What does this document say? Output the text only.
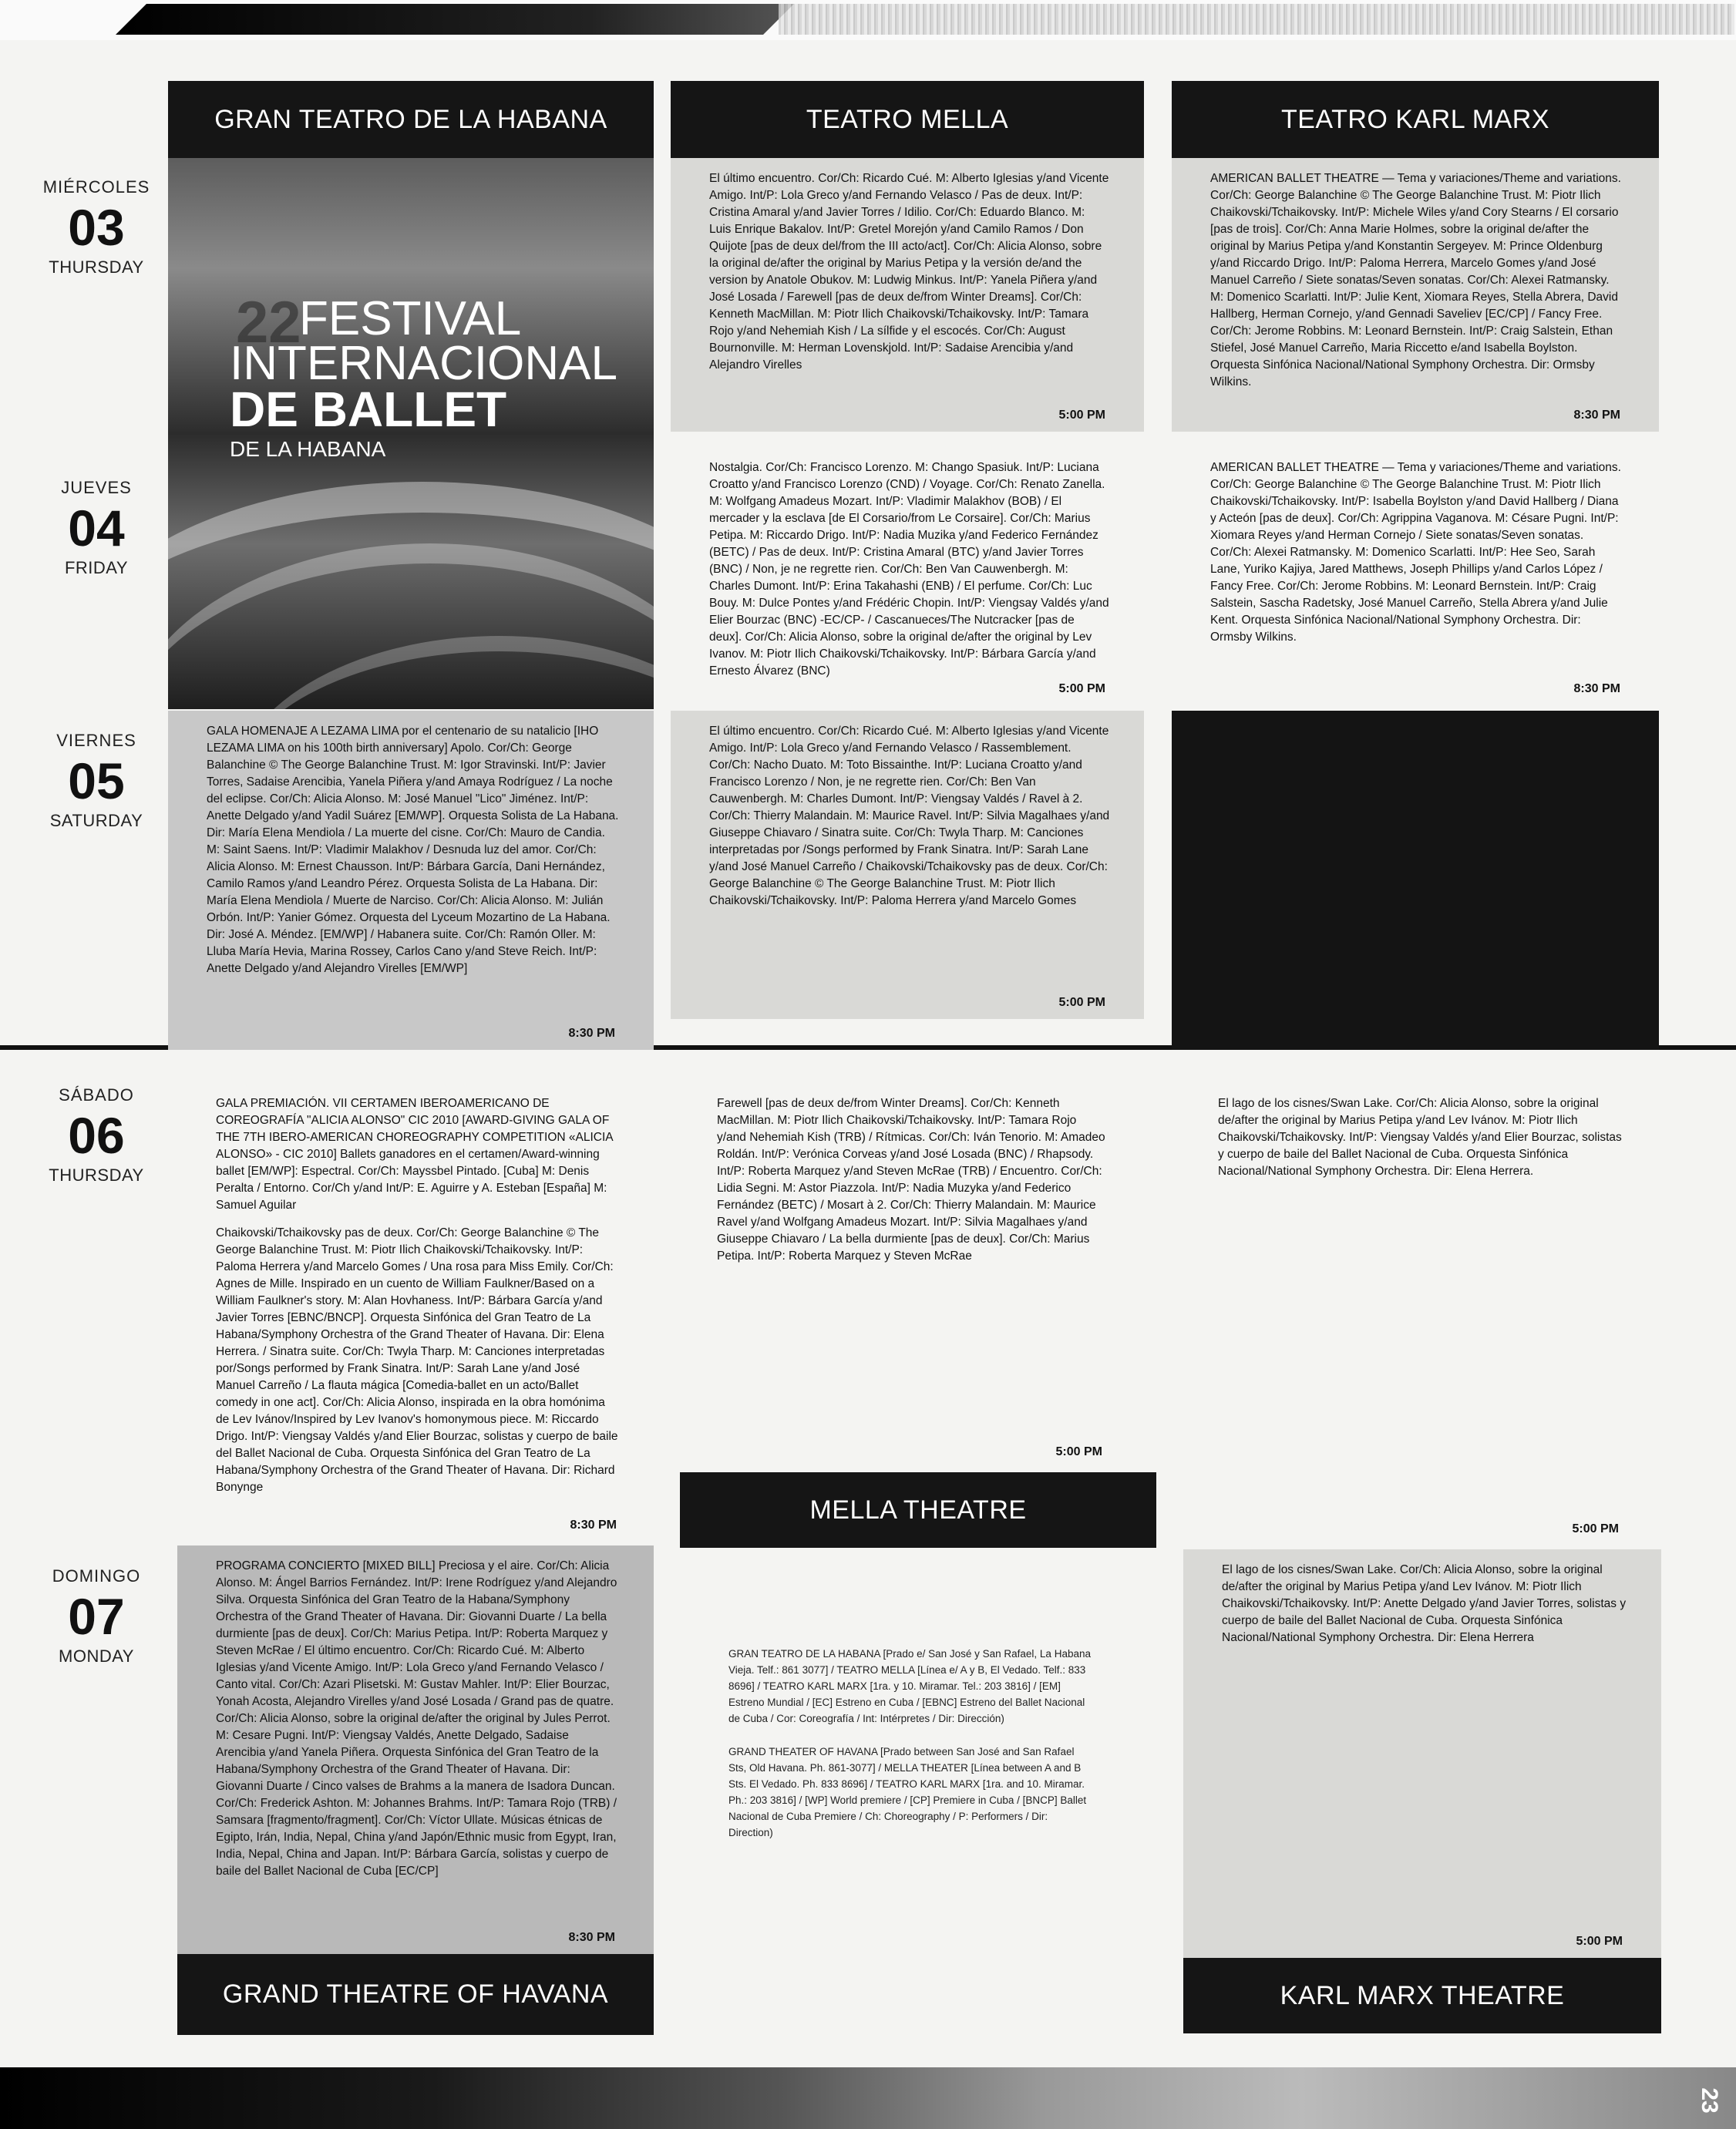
23
GRAN TEATRO DE LA HABANA	TEATRO MELLA	TEATRO KARL MARX
MIÉRCOLES
03
THURSDAY
JUEVES
04
FRIDAY
VIERNES
05
SATURDAY
SÁBADO
06
THURSDAY
DOMINGO
07
MONDAY
22
FESTIVAL
INTERNACIONAL
DE BALLET
DE LA HABANA

El último encuentro. Cor/Ch: Ricardo Cué. M: Alberto Iglesias y/and Vicente Amigo. Int/P: Lola Greco y/and Fernando Velasco / Pas de deux. Int/P: Cristina Amaral y/and Javier Torres / Idilio. Cor/Ch: Eduardo Blanco. M: Luis Enrique Bakalov. Int/P: Gretel Morejón y/and Camilo Ramos / Don Quijote [pas de deux del/from the III acto/act]. Cor/Ch: Alicia Alonso, sobre la original de/after the original by Marius Petipa y la versión de/and the version by Anatole Obukov. M: Ludwig Minkus. Int/P: Yanela Piñera y/and José Losada / Farewell [pas de deux de/from Winter Dreams]. Cor/Ch: Kenneth MacMillan. M: Piotr Ilich Chaikovski/Tchaikovsky. Int/P: Tamara Rojo y/and Nehemiah Kish / La sílfide y el escocés. Cor/Ch: August Bournonville. M: Herman Lovenskjold. Int/P: Sadaise Arencibia y/and Alejandro Virelles

5:00 PM

AMERICAN BALLET THEATRE — Tema y variaciones/Theme and variations. Cor/Ch: George Balanchine © The George Balanchine Trust. M: Piotr Ilich Chaikovski/Tchaikovsky. Int/P: Michele Wiles y/and Cory Stearns / El corsario [pas de trois]. Cor/Ch: Anna Marie Holmes, sobre la original de/after the original by Marius Petipa y/and Konstantin Sergeyev. M: Prince Oldenburg y/and Riccardo Drigo. Int/P: Paloma Herrera, Marcelo Gomes y/and José Manuel Carreño / Siete sonatas/Seven sonatas. Cor/Ch: Alexei Ratmansky. M: Domenico Scarlatti. Int/P: Julie Kent, Xiomara Reyes, Stella Abrera, David Hallberg, Herman Cornejo, y/and Gennadi Saveliev [EC/CP] / Fancy Free. Cor/Ch: Jerome Robbins. M: Leonard Bernstein. Int/P: Craig Salstein, Ethan Stiefel, José Manuel Carreño, Maria Riccetto e/and Isabella Boylston. Orquesta Sinfónica Nacional/National Symphony Orchestra. Dir: Ormsby Wilkins.

8:30 PM

Nostalgia. Cor/Ch: Francisco Lorenzo. M: Chango Spasiuk. Int/P: Luciana Croatto y/and Francisco Lorenzo (CND) / Voyage. Cor/Ch: Renato Zanella. M: Wolfgang Amadeus Mozart. Int/P: Vladimir Malakhov (BOB) / El mercader y la esclava [de El Corsario/from Le Corsaire]. Cor/Ch: Marius Petipa. M: Riccardo Drigo. Int/P: Nadia Muzika y/and Federico Fernández (BETC) / Pas de deux. Int/P: Cristina Amaral (BTC) y/and Javier Torres (BNC) / Non, je ne regrette rien. Cor/Ch: Ben Van Cauwenbergh. M: Charles Dumont. Int/P: Erina Takahashi (ENB) / El perfume. Cor/Ch: Luc Bouy. M: Dulce Pontes y/and Frédéric Chopin. Int/P: Viengsay Valdés y/and Elier Bourzac (BNC) -EC/CP- / Cascanueces/The Nutcracker [pas de deux]. Cor/Ch: Alicia Alonso, sobre la original de/after the original by Lev Ivanov. M: Piotr Ilich Chaikovski/Tchaikovsky. Int/P: Bárbara García y/and Ernesto Álvarez (BNC)

5:00 PM

AMERICAN BALLET THEATRE — Tema y variaciones/Theme and variations. Cor/Ch: George Balanchine © The George Balanchine Trust. M: Piotr Ilich Chaikovski/Tchaikovsky. Int/P: Isabella Boylston y/and David Hallberg / Diana y Actеón [pas de deux]. Cor/Ch: Agrippina Vaganova. M: Césare Pugni. Int/P: Xiomara Reyes y/and Herman Cornejo / Siete sonatas/Seven sonatas. Cor/Ch: Alexei Ratmansky. M: Domenico Scarlatti. Int/P: Hee Seo, Sarah Lane, Yuriko Kajiya, Jared Matthews, Joseph Phillips y/and Carlos López / Fancy Free. Cor/Ch: Jerome Robbins. M: Leonard Bernstein. Int/P: Craig Salstein, Sascha Radetsky, José Manuel Carreño, Stella Abrera y/and Julie Kent. Orquesta Sinfónica Nacional/National Symphony Orchestra. Dir: Ormsby Wilkins.

8:30 PM

GALA HOMENAJE A LEZAMA LIMA por el centenario de su natalicio [IHO LEZAMA LIMA on his 100th birth anniversary] Apolo. Cor/Ch: George Balanchine © The George Balanchine Trust. M: Igor Stravinski. Int/P: Javier Torres, Sadaise Arencibia, Yanela Piñera y/and Amaya Rodríguez / La noche del eclipse. Cor/Ch: Alicia Alonso. M: José Manuel "Lico" Jiménez. Int/P: Anette Delgado y/and Yadil Suárez [EM/WP]. Orquesta Solista de La Habana. Dir: María Elena Mendiola / La muerte del cisne. Cor/Ch: Mauro de Candia. M: Saint Saens. Int/P: Vladimir Malakhov / Desnuda luz del amor. Cor/Ch: Alicia Alonso. M: Ernest Chausson. Int/P: Bárbara García, Dani Hernández, Camilo Ramos y/and Leandro Pérez. Orquesta Solista de La Habana. Dir: María Elena Mendiola / Muerte de Narciso. Cor/Ch: Alicia Alonso. M: Julián Orbón. Int/P: Yanier Gómez. Orquesta del Lyceum Mozartino de La Habana. Dir: José A. Méndez. [EM/WP] / Habanera suite. Cor/Ch: Ramón Oller. M: Lluba María Hevia, Marina Rossey, Carlos Cano y/and Steve Reich. Int/P: Anette Delgado y/and Alejandro Virelles [EM/WP]

8:30 PM

El último encuentro. Cor/Ch: Ricardo Cué. M: Alberto Iglesias y/and Vicente Amigo. Int/P: Lola Greco y/and Fernando Velasco / Rassemblement. Cor/Ch: Nacho Duato. M: Toto Bissainthe. Int/P: Luciana Croatto y/and Francisco Lorenzo / Non, je ne regrette rien. Cor/Ch: Ben Van Cauwenbergh. M: Charles Dumont. Int/P: Viengsay Valdés / Ravel à 2. Cor/Ch: Thierry Malandain. M: Maurice Ravel. Int/P: Silvia Magalhaes y/and Giuseppe Chiavaro / Sinatra suite. Cor/Ch: Twyla Tharp. M: Canciones interpretadas por /Songs performed by Frank Sinatra. Int/P: Sarah Lane y/and José Manuel Carreño / Chaikovski/Tchaikovsky pas de deux. Cor/Ch: George Balanchine © The George Balanchine Trust. M: Piotr Ilich Chaikovski/Tchaikovsky. Int/P: Paloma Herrera y/and Marcelo Gomes

5:00 PM

GALA PREMIACIÓN. VII CERTAMEN IBEROAMERICANO DE COREOGRAFÍA "ALICIA ALONSO" CIC 2010 [AWARD-GIVING GALA OF THE 7TH IBERO-AMERICAN CHOREOGRAPHY COMPETITION «ALICIA ALONSO» - CIC 2010] Ballets ganadores en el certamen/Award-winning ballet [EM/WP]: Espectral. Cor/Ch: Mayssbel Pintado. [Cuba] M: Denis Peralta / Entorno. Cor/Ch y/and Int/P: E. Aguirre y A. Esteban [España] M: Samuel Aguilar

Chaikovski/Tchaikovsky pas de deux. Cor/Ch: George Balanchine © The George Balanchine Trust. M: Piotr Ilich Chaikovski/Tchaikovsky. Int/P: Paloma Herrera y/and Marcelo Gomes / Una rosa para Miss Emily. Cor/Ch: Agnes de Mille. Inspirado en un cuento de William Faulkner/Based on a William Faulkner's story. M: Alan Hovhaness. Int/P: Bárbara García y/and Javier Torres [EBNC/BNCP]. Orquesta Sinfónica del Gran Teatro de La Habana/Symphony Orchestra of the Grand Theater of Havana. Dir: Elena Herrera. / Sinatra suite. Cor/Ch: Twyla Tharp. M: Canciones interpretadas por/Songs performed by Frank Sinatra. Int/P: Sarah Lane y/and José Manuel Carreño / La flauta mágica [Comedia-ballet en un acto/Ballet comedy in one act]. Cor/Ch: Alicia Alonso, inspirada en la obra homónima de Lev Ivánov/Inspired by Lev Ivanov's homonymous piece. M: Riccardo Drigo. Int/P: Viengsay Valdés y/and Elier Bourzac, solistas y cuerpo de baile del Ballet Nacional de Cuba. Orquesta Sinfónica del Gran Teatro de La Habana/Symphony Orchestra of the Grand Theater of Havana. Dir: Richard Bonynge

8:30 PM

Farewell [pas de deux de/from Winter Dreams]. Cor/Ch: Kenneth MacMillan. M: Piotr Ilich Chaikovski/Tchaikovsky. Int/P: Tamara Rojo y/and Nehemiah Kish (TRB) / Rítmicas. Cor/Ch: Iván Tenorio. M: Amadeo Roldán. Int/P: Verónica Corveas y/and José Losada (BNC) / Rhapsody. Int/P: Roberta Marquez y/and Steven McRae (TRB) / Encuentro. Cor/Ch: Lidia Segni. M: Astor Piazzola. Int/P: Nadia Muzyka y/and Federico Fernández (BETC) / Mosart à 2. Cor/Ch: Thierry Malandain. M: Maurice Ravel y/and Wolfgang Amadeus Mozart. Int/P: Silvia Magalhaes y/and Giuseppe Chiavaro / La bella durmiente [pas de deux]. Cor/Ch: Marius Petipa. Int/P: Roberta Marquez y Steven McRae

5:00 PM

El lago de los cisnes/Swan Lake. Cor/Ch: Alicia Alonso, sobre la original de/after the original by Marius Petipa y/and Lev Ivánov. M: Piotr Ilich Chaikovski/Tchaikovsky. Int/P: Viengsay Valdés y/and Elier Bourzac, solistas y cuerpo de baile del Ballet Nacional de Cuba. Orquesta Sinfónica Nacional/National Symphony Orchestra. Dir: Elena Herrera.

5:00 PM
MELLA THEATRE

PROGRAMA CONCIERTO [MIXED BILL] Preciosa y el aire. Cor/Ch: Alicia Alonso. M: Ángel Barrios Fernández. Int/P: Irene Rodríguez y/and Alejandro Silva. Orquesta Sinfónica del Gran Teatro de la Habana/Symphony Orchestra of the Grand Theater of Havana. Dir: Giovanni Duarte / La bella durmiente [pas de deux]. Cor/Ch: Marius Petipa. Int/P: Roberta Marquez y Steven McRae / El último encuentro. Cor/Ch: Ricardo Cué. M: Alberto Iglesias y/and Vicente Amigo. Int/P: Lola Greco y/and Fernando Velasco / Canto vital. Cor/Ch: Azari Plisetski. M: Gustav Mahler. Int/P: Elier Bourzac, Yonah Acosta, Alejandro Virelles y/and José Losada / Grand pas de quatre. Cor/Ch: Alicia Alonso, sobre la original de/after the original by Jules Perrot. M: Cesare Pugni. Int/P: Viengsay Valdés, Anette Delgado, Sadaise Arencibia y/and Yanela Piñera. Orquesta Sinfónica del Gran Teatro de la Habana/Symphony Orchestra of the Grand Theater of Havana. Dir: Giovanni Duarte / Cinco valses de Brahms a la manera de Isadora Duncan. Cor/Ch: Frederick Ashton. M: Johannes Brahms. Int/P: Tamara Rojo (TRB) / Samsara [fragmento/fragment]. Cor/Ch: Víctor Ullate. Músicas étnicas de Egipto, Irán, India, Nepal, China y/and Japón/Ethnic music from Egypt, Iran, India, Nepal, China and Japan. Int/P: Bárbara García, solistas y cuerpo de baile del Ballet Nacional de Cuba [EC/CP]

8:30 PM
GRAND THEATRE OF HAVANA

GRAN TEATRO DE LA HABANA [Prado e/ San José y San Rafael, La Habana Vieja. Telf.: 861 3077] / TEATRO MELLA [Línea e/ A y B, El Vedado. Telf.: 833 8696] / TEATRO KARL MARX [1ra. y 10. Miramar. Tel.: 203 3816] / [EM] Estreno Mundial / [EC] Estreno en Cuba / [EBNC] Estreno del Ballet Nacional de Cuba / Cor: Coreografía / Int: Intérpretes / Dir: Dirección)

GRAND THEATER OF HAVANA [Prado between San José and San Rafael Sts, Old Havana. Ph. 861-3077] / MELLA THEATER [Línea between A and B Sts. El Vedado. Ph. 833 8696] / TEATRO KARL MARX [1ra. and 10. Miramar. Ph.: 203 3816] / [WP] World premiere / [CP] Premiere in Cuba / [BNCP] Ballet Nacional de Cuba Premiere / Ch: Choreography / P: Performers / Dir: Direction)

El lago de los cisnes/Swan Lake. Cor/Ch: Alicia Alonso, sobre la original de/after the original by Marius Petipa y/and Lev Ivánov. M: Piotr Ilich Chaikovski/Tchaikovsky. Int/P: Anette Delgado y/and Javier Torres, solistas y cuerpo de baile del Ballet Nacional de Cuba. Orquesta Sinfónica Nacional/National Symphony Orchestra. Dir: Elena Herrera

5:00 PM
KARL MARX THEATRE
